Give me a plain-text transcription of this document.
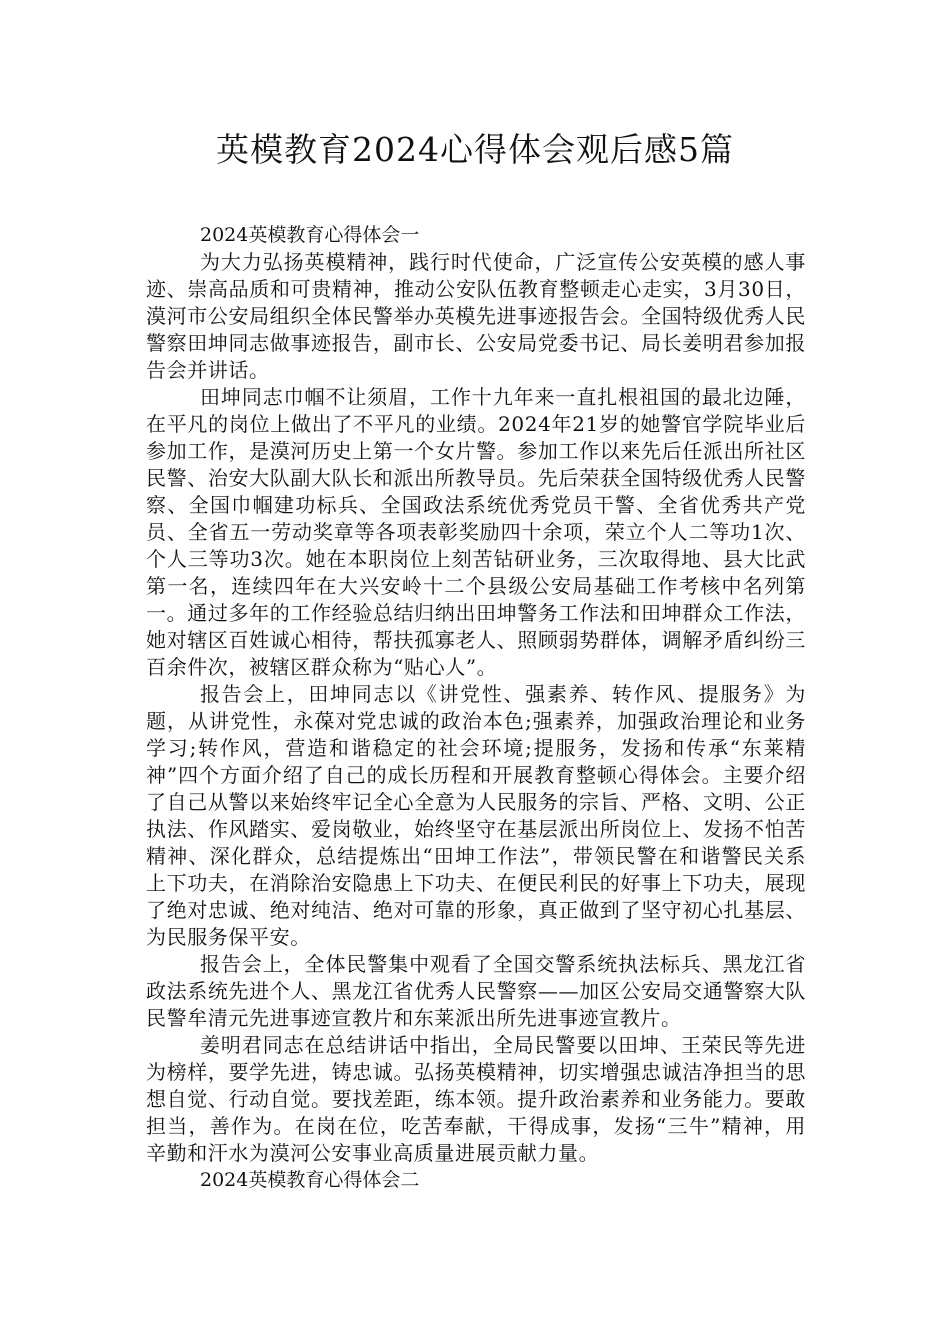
英模教育2024心得体会观后感5篇

2024英模教育心得体会一

为大力弘扬英模精神，践行时代使命，广泛宣传公安英模的感人事迹、崇高品质和可贵精神，推动公安队伍教育整顿走心走实，3月30日，漠河市公安局组织全体民警举办英模先进事迹报告会。全国特级优秀人民警察田坤同志做事迹报告，副市长、公安局党委书记、局长姜明君参加报告会并讲话。

田坤同志巾帼不让须眉，工作十九年来一直扎根祖国的最北边陲，在平凡的岗位上做出了不平凡的业绩。2024年21岁的她警官学院毕业后参加工作，是漠河历史上第一个女片警。参加工作以来先后任派出所社区民警、治安大队副大队长和派出所教导员。先后荣获全国特级优秀人民警察、全国巾帼建功标兵、全国政法系统优秀党员干警、全省优秀共产党员、全省五一劳动奖章等各项表彰奖励四十余项，荣立个人二等功1次、个人三等功3次。她在本职岗位上刻苦钻研业务，三次取得地、县大比武第一名，连续四年在大兴安岭十二个县级公安局基础工作考核中名列第一。通过多年的工作经验总结归纳出田坤警务工作法和田坤群众工作法，她对辖区百姓诚心相待，帮扶孤寡老人、照顾弱势群体，调解矛盾纠纷三百余件次，被辖区群众称为“贴心人”。

报告会上，田坤同志以《讲党性、强素养、转作风、提服务》为题，从讲党性，永葆对党忠诚的政治本色;强素养，加强政治理论和业务学习;转作风，营造和谐稳定的社会环境;提服务，发扬和传承“东莱精神”四个方面介绍了自己的成长历程和开展教育整顿心得体会。主要介绍了自己从警以来始终牢记全心全意为人民服务的宗旨、严格、文明、公正执法、作风踏实、爱岗敬业，始终坚守在基层派出所岗位上、发扬不怕苦精神、深化群众，总结提炼出“田坤工作法”，带领民警在和谐警民关系上下功夫，在消除治安隐患上下功夫、在便民利民的好事上下功夫，展现了绝对忠诚、绝对纯洁、绝对可靠的形象，真正做到了坚守初心扎基层、为民服务保平安。

报告会上，全体民警集中观看了全国交警系统执法标兵、黑龙江省政法系统先进个人、黑龙江省优秀人民警察——加区公安局交通警察大队民警牟清元先进事迹宣教片和东莱派出所先进事迹宣教片。

姜明君同志在总结讲话中指出，全局民警要以田坤、王荣民等先进为榜样，要学先进，铸忠诚。弘扬英模精神，切实增强忠诚洁净担当的思想自觉、行动自觉。要找差距，练本领。提升政治素养和业务能力。要敢担当，善作为。在岗在位，吃苦奉献，干得成事，发扬“三牛”精神，用辛勤和汗水为漠河公安事业高质量进展贡献力量。

2024英模教育心得体会二
